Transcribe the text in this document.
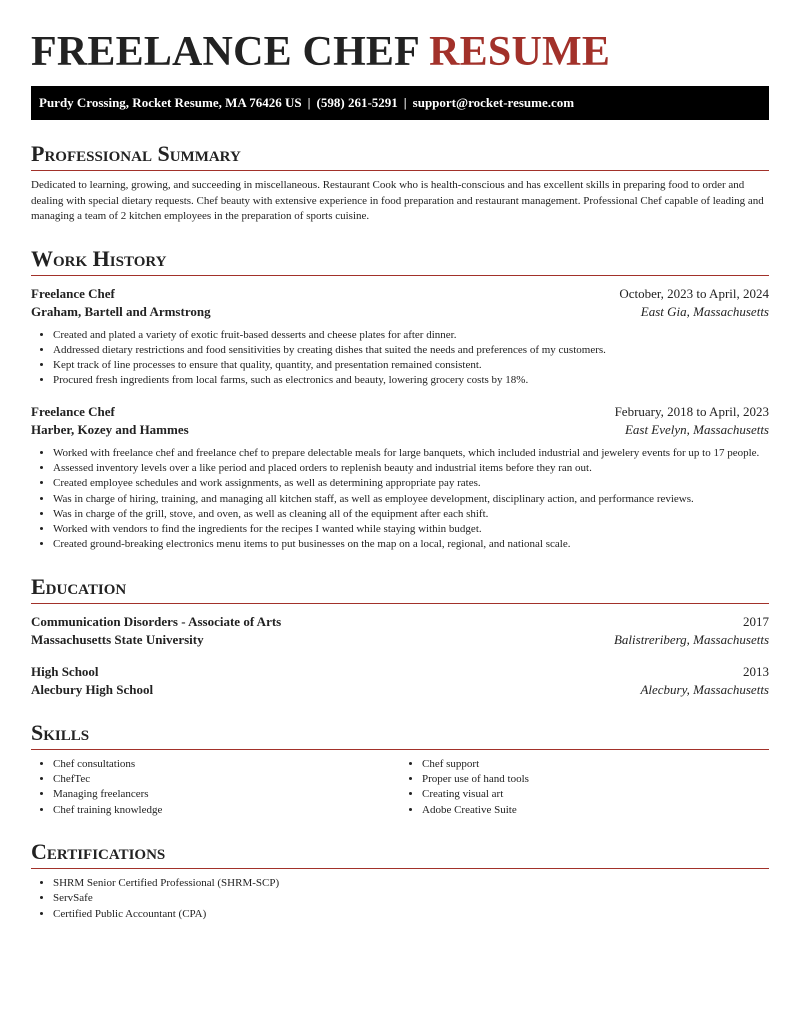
FREELANCE CHEF RESUME
Purdy Crossing, Rocket Resume, MA 76426 US | (598) 261-5291 | support@rocket-resume.com
Professional Summary

Dedicated to learning, growing, and succeeding in miscellaneous. Restaurant Cook who is health-conscious and has excellent skills in preparing food to order and dealing with special dietary requests. Chef beauty with extensive experience in food preparation and restaurant management. Professional Chef capable of leading and managing a team of 2 kitchen employees in the preparation of sports cuisine.

Work History
Freelance Chef	October, 2023 to April, 2024
Graham, Bartell and Armstrong	East Gia, Massachusetts
• Created and plated a variety of exotic fruit-based desserts and cheese plates for after dinner.
• Addressed dietary restrictions and food sensitivities by creating dishes that suited the needs and preferences of my customers.
• Kept track of line processes to ensure that quality, quantity, and presentation remained consistent.
• Procured fresh ingredients from local farms, such as electronics and beauty, lowering grocery costs by 18%.
Freelance Chef	February, 2018 to April, 2023
Harber, Kozey and Hammes	East Evelyn, Massachusetts
• Worked with freelance chef and freelance chef to prepare delectable meals for large banquets, which included industrial and jewelery events for up to 17 people.
• Assessed inventory levels over a like period and placed orders to replenish beauty and industrial items before they ran out.
• Created employee schedules and work assignments, as well as determining appropriate pay rates.
• Was in charge of hiring, training, and managing all kitchen staff, as well as employee development, disciplinary action, and performance reviews.
• Was in charge of the grill, stove, and oven, as well as cleaning all of the equipment after each shift.
• Worked with vendors to find the ingredients for the recipes I wanted while staying within budget.
• Created ground-breaking electronics menu items to put businesses on the map on a local, regional, and national scale.
Education
Communication Disorders - Associate of Arts	2017
Massachusetts State University	Balistreriberg, Massachusetts
High School	2013
Alecbury High School	Alecbury, Massachusetts
Skills
• Chef consultations
• ChefTec
• Managing freelancers
• Chef training knowledge
• Chef support
• Proper use of hand tools
• Creating visual art
• Adobe Creative Suite
Certifications
• SHRM Senior Certified Professional (SHRM-SCP)
• ServSafe
• Certified Public Accountant (CPA)
